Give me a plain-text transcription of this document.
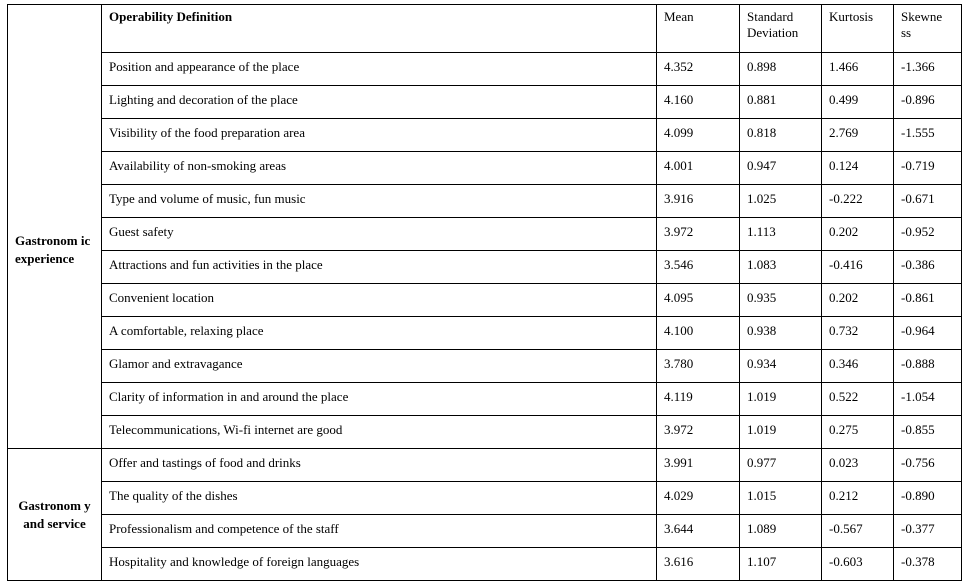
	Operability Definition	Mean	Standard Deviation	Kurtosis	Skewne ss
Gastronom ic experience	Position and appearance of the place	4.352	0.898	1.466	-1.366
	Lighting and decoration of the place	4.160	0.881	0.499	-0.896
	Visibility of the food preparation area	4.099	0.818	2.769	-1.555
	Availability of non-smoking areas	4.001	0.947	0.124	-0.719
	Type and volume of music, fun music	3.916	1.025	-0.222	-0.671
	Guest safety	3.972	1.113	0.202	-0.952
	Attractions and fun activities in the place	3.546	1.083	-0.416	-0.386
	Convenient location	4.095	0.935	0.202	-0.861
	A comfortable, relaxing place	4.100	0.938	0.732	-0.964
	Glamor and extravagance	3.780	0.934	0.346	-0.888
	Clarity of information in and around the place	4.119	1.019	0.522	-1.054
	Telecommunications, Wi-fi internet are good	3.972	1.019	0.275	-0.855
Gastronom y and service	Offer and tastings of food and drinks	3.991	0.977	0.023	-0.756
	The quality of the dishes	4.029	1.015	0.212	-0.890
	Professionalism and competence of the staff	3.644	1.089	-0.567	-0.377
	Hospitality and knowledge of foreign languages	3.616	1.107	-0.603	-0.378
